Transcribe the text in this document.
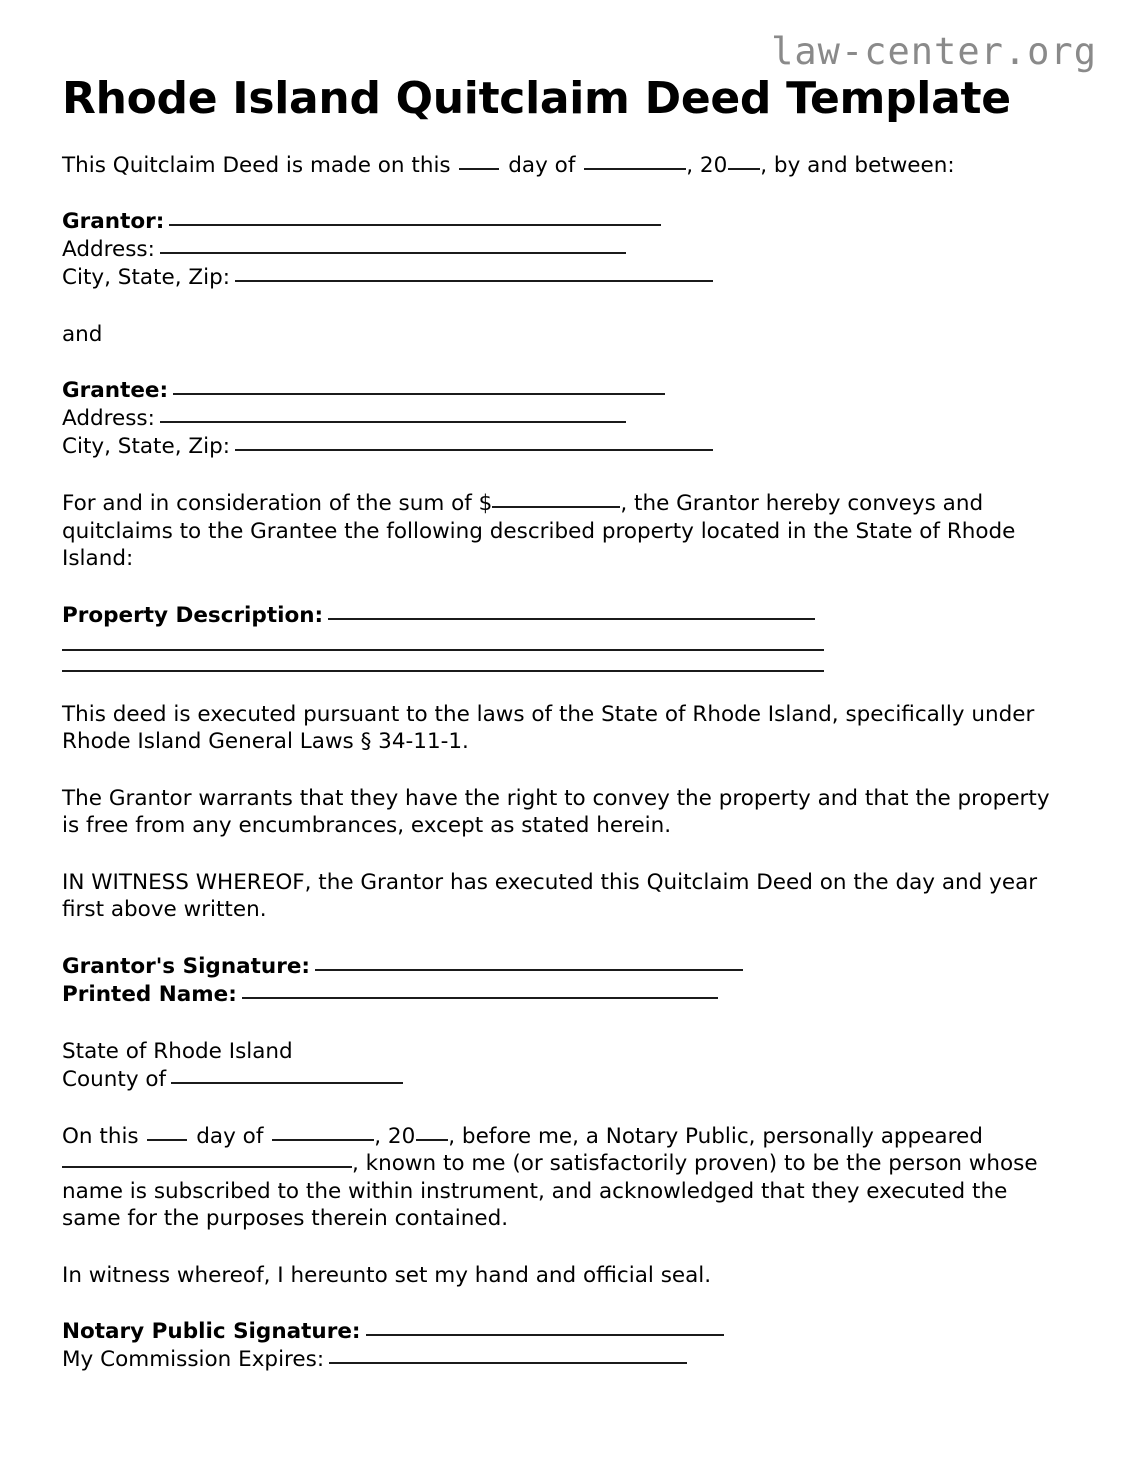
law-center.org
Rhode Island Quitclaim Deed Template

This Quitclaim Deed is made on this  day of	, 20 , by and between:

Grantor:
Address:
City, State, Zip:

and

Grantee:
Address:
City, State, Zip:

For and in consideration of the sum of $	, the Grantor hereby conveys and quitclaims to the Grantee the following described property located in the State of Rhode Island:

Property Description:

This deed is executed pursuant to the laws of the State of Rhode Island, specifically under Rhode Island General Laws § 34-11-1.

The Grantor warrants that they have the right to convey the property and that the property is free from any encumbrances, except as stated herein.

IN WITNESS WHEREOF, the Grantor has executed this Quitclaim Deed on the day and year first above written.

Grantor's Signature:
Printed Name:
State of Rhode Island
County of

On this  day of	, 20 , before me, a Notary Public, personally appeared , known to me (or satisfactorily proven) to be the person whose name is subscribed to the within instrument, and acknowledged that they executed the same for the purposes therein contained.

In witness whereof, I hereunto set my hand and official seal.

Notary Public Signature:
My Commission Expires:
